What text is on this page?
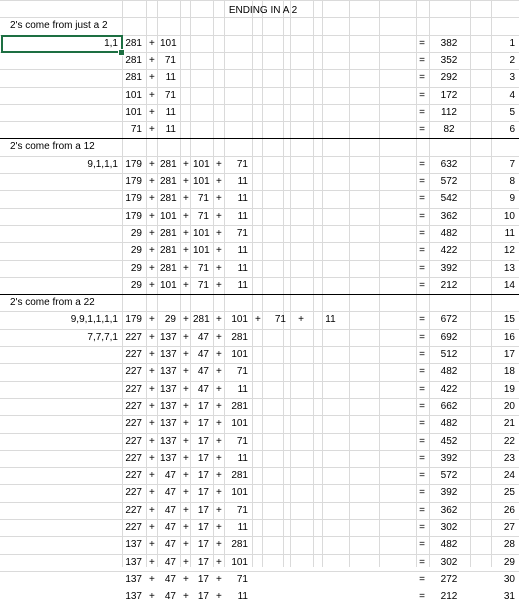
ENDING IN A 2
2's come from just a 2
1,1 281 + 101	=	382	1
281 +	71	=	352	2
281 +	11	=	292	3
101 +	71	=	172	4
101 +	11	=	112	5
71 +	11	=	82	6
2's come from a 12
9,1,1,1 179 + 281 + 101 +	71	=	632	7
179 + 281 + 101 +	11	=	572	8
179 + 281 + 71 +	11	=	542	9
179 + 101 + 71 +	11	=	362	10
29 + 281 + 101 +	71	=	482	11
29 + 281 + 101 +	11	=	422	12
29 + 281 + 71 +	11	=	392	13
29 + 101 + 71 +	11	=	212	14
2's come from a 22
9,9,1,1,1,1 179 +	29 + 281 + 101 +	71	+	11	=	672	15
7,7,7,1 227 + 137 + 47 + 281	=	692	16
227 + 137 + 47 + 101	=	512	17
227 + 137 + 47 +	71	=	482	18
227 + 137 + 47 +	11	=	422	19
227 + 137 + 17 + 281	=	662	20
227 + 137 + 17 + 101	=	482	21
227 + 137 + 17 +	71	=	452	22
227 + 137 + 17 +	11	=	392	23
227 +	47 + 17 + 281	=	572	24
227 +	47 + 17 + 101	=	392	25
227 +	47 + 17 +	71	=	362	26
227 +	47 + 17 +	11	=	302	27
137 +	47 + 17 + 281	=	482	28
137 +	47 + 17 + 101	=	302	29
137 +	47 + 17 +	71	=	272	30
137 +	47 + 17 +	11	=	212	31
